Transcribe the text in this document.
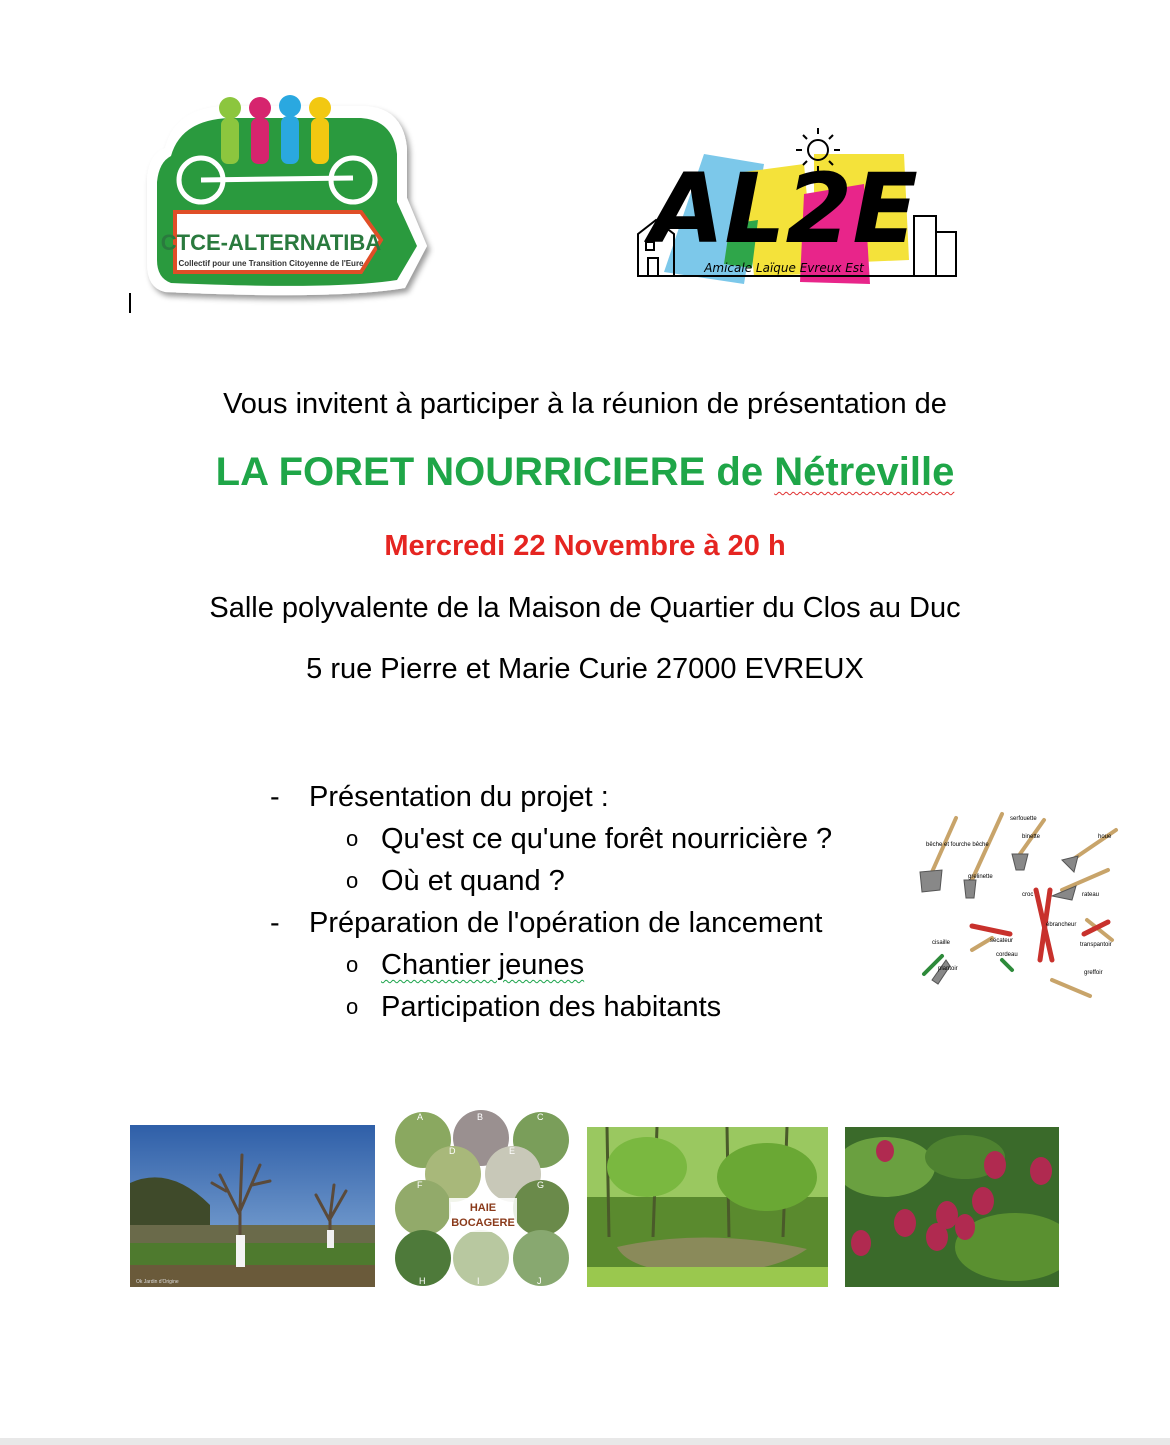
CTCE-ALTERNATIBA
Collectif pour une Transition Citoyenne de l'Eure	AL2E
Amicale Laïque Evreux Est
Vous invitent à participer à la réunion de présentation de
LA FORET NOURRICIERE de Nétreville
Mercredi 22 Novembre à 20 h
Salle polyvalente de la Maison de Quartier du Clos au Duc
5 rue Pierre et Marie Curie 27000 EVREUX
-	Présentation du projet :
o Qu'est ce qu'une forêt nourricière ?
o Où et quand ?
-	Préparation de l'opération de lancement
o Chantier jeunes
o Participation des habitants
serfouette
bêche et fourche bêche
binette	houe
grelinette
croc	rateau
ébrancheur
cisaille	sécateur
transpantoir
cordeau
plantoir
greffoir
Ok Jardin d'Origine
HAIE
BOCAGERE
A	B	C
D	E
F	G
H	I	J
